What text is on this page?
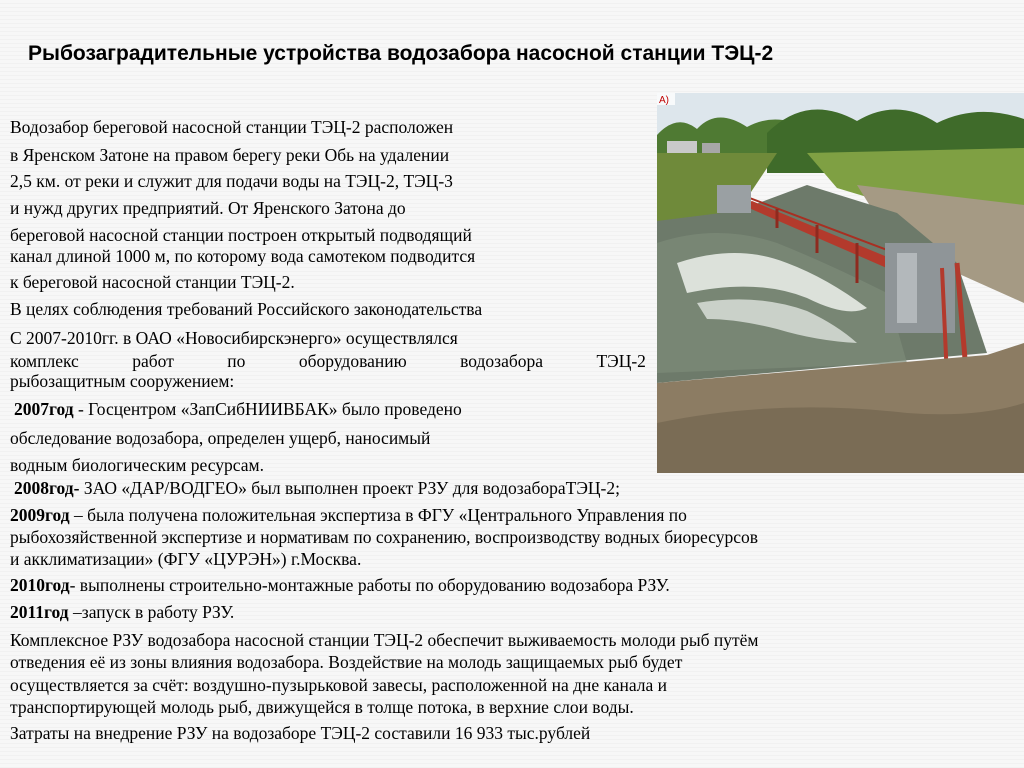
Рыбозаградительные устройства водозабора насосной станции ТЭЦ-2
А)
Водозабор береговой насосной станции ТЭЦ-2 расположен
в Яренском Затоне на правом берегу реки Обь на удалении
2,5 км. от реки и служит для подачи воды на ТЭЦ-2, ТЭЦ-3
и нужд других предприятий. От Яренского Затона до
береговой насосной станции построен открытый подводящий
канал длиной 1000 м, по которому вода самотеком подводится
к береговой насосной станции ТЭЦ-2.
В целях соблюдения требований Российского законодательства
С 2007-2010гг. в ОАО «Новосибирскэнерго» осуществлялся
комплекс	работ	по	оборудованию	водозабора	ТЭЦ-2
рыбозащитным сооружением:
2007год - Госцентром «ЗапСибНИИВБАК» было проведено
обследование водозабора, определен ущерб, наносимый
водным биологическим ресурсам.
2008год- ЗАО «ДАР/ВОДГЕО» был выполнен проект РЗУ для водозабораТЭЦ-2;
2009год – была получена положительная экспертиза в ФГУ «Центрального Управления по
рыбохозяйственной экспертизе и нормативам по сохранению, воспроизводству водных биоресурсов
и акклиматизации» (ФГУ «ЦУРЭН») г.Москва.
2010год- выполнены строительно-монтажные работы по оборудованию водозабора РЗУ.
2011год –запуск в работу РЗУ.
Комплексное РЗУ водозабора насосной станции ТЭЦ-2 обеспечит выживаемость молоди рыб путём
отведения её из зоны влияния водозабора. Воздействие на молодь защищаемых рыб будет
осуществляется за счёт: воздушно-пузырьковой завесы, расположенной на дне канала и
транспортирующей молодь рыб, движущейся в толще потока, в верхние слои воды.
Затраты на внедрение РЗУ на водозаборе ТЭЦ-2 составили 16 933 тыс.рублей
